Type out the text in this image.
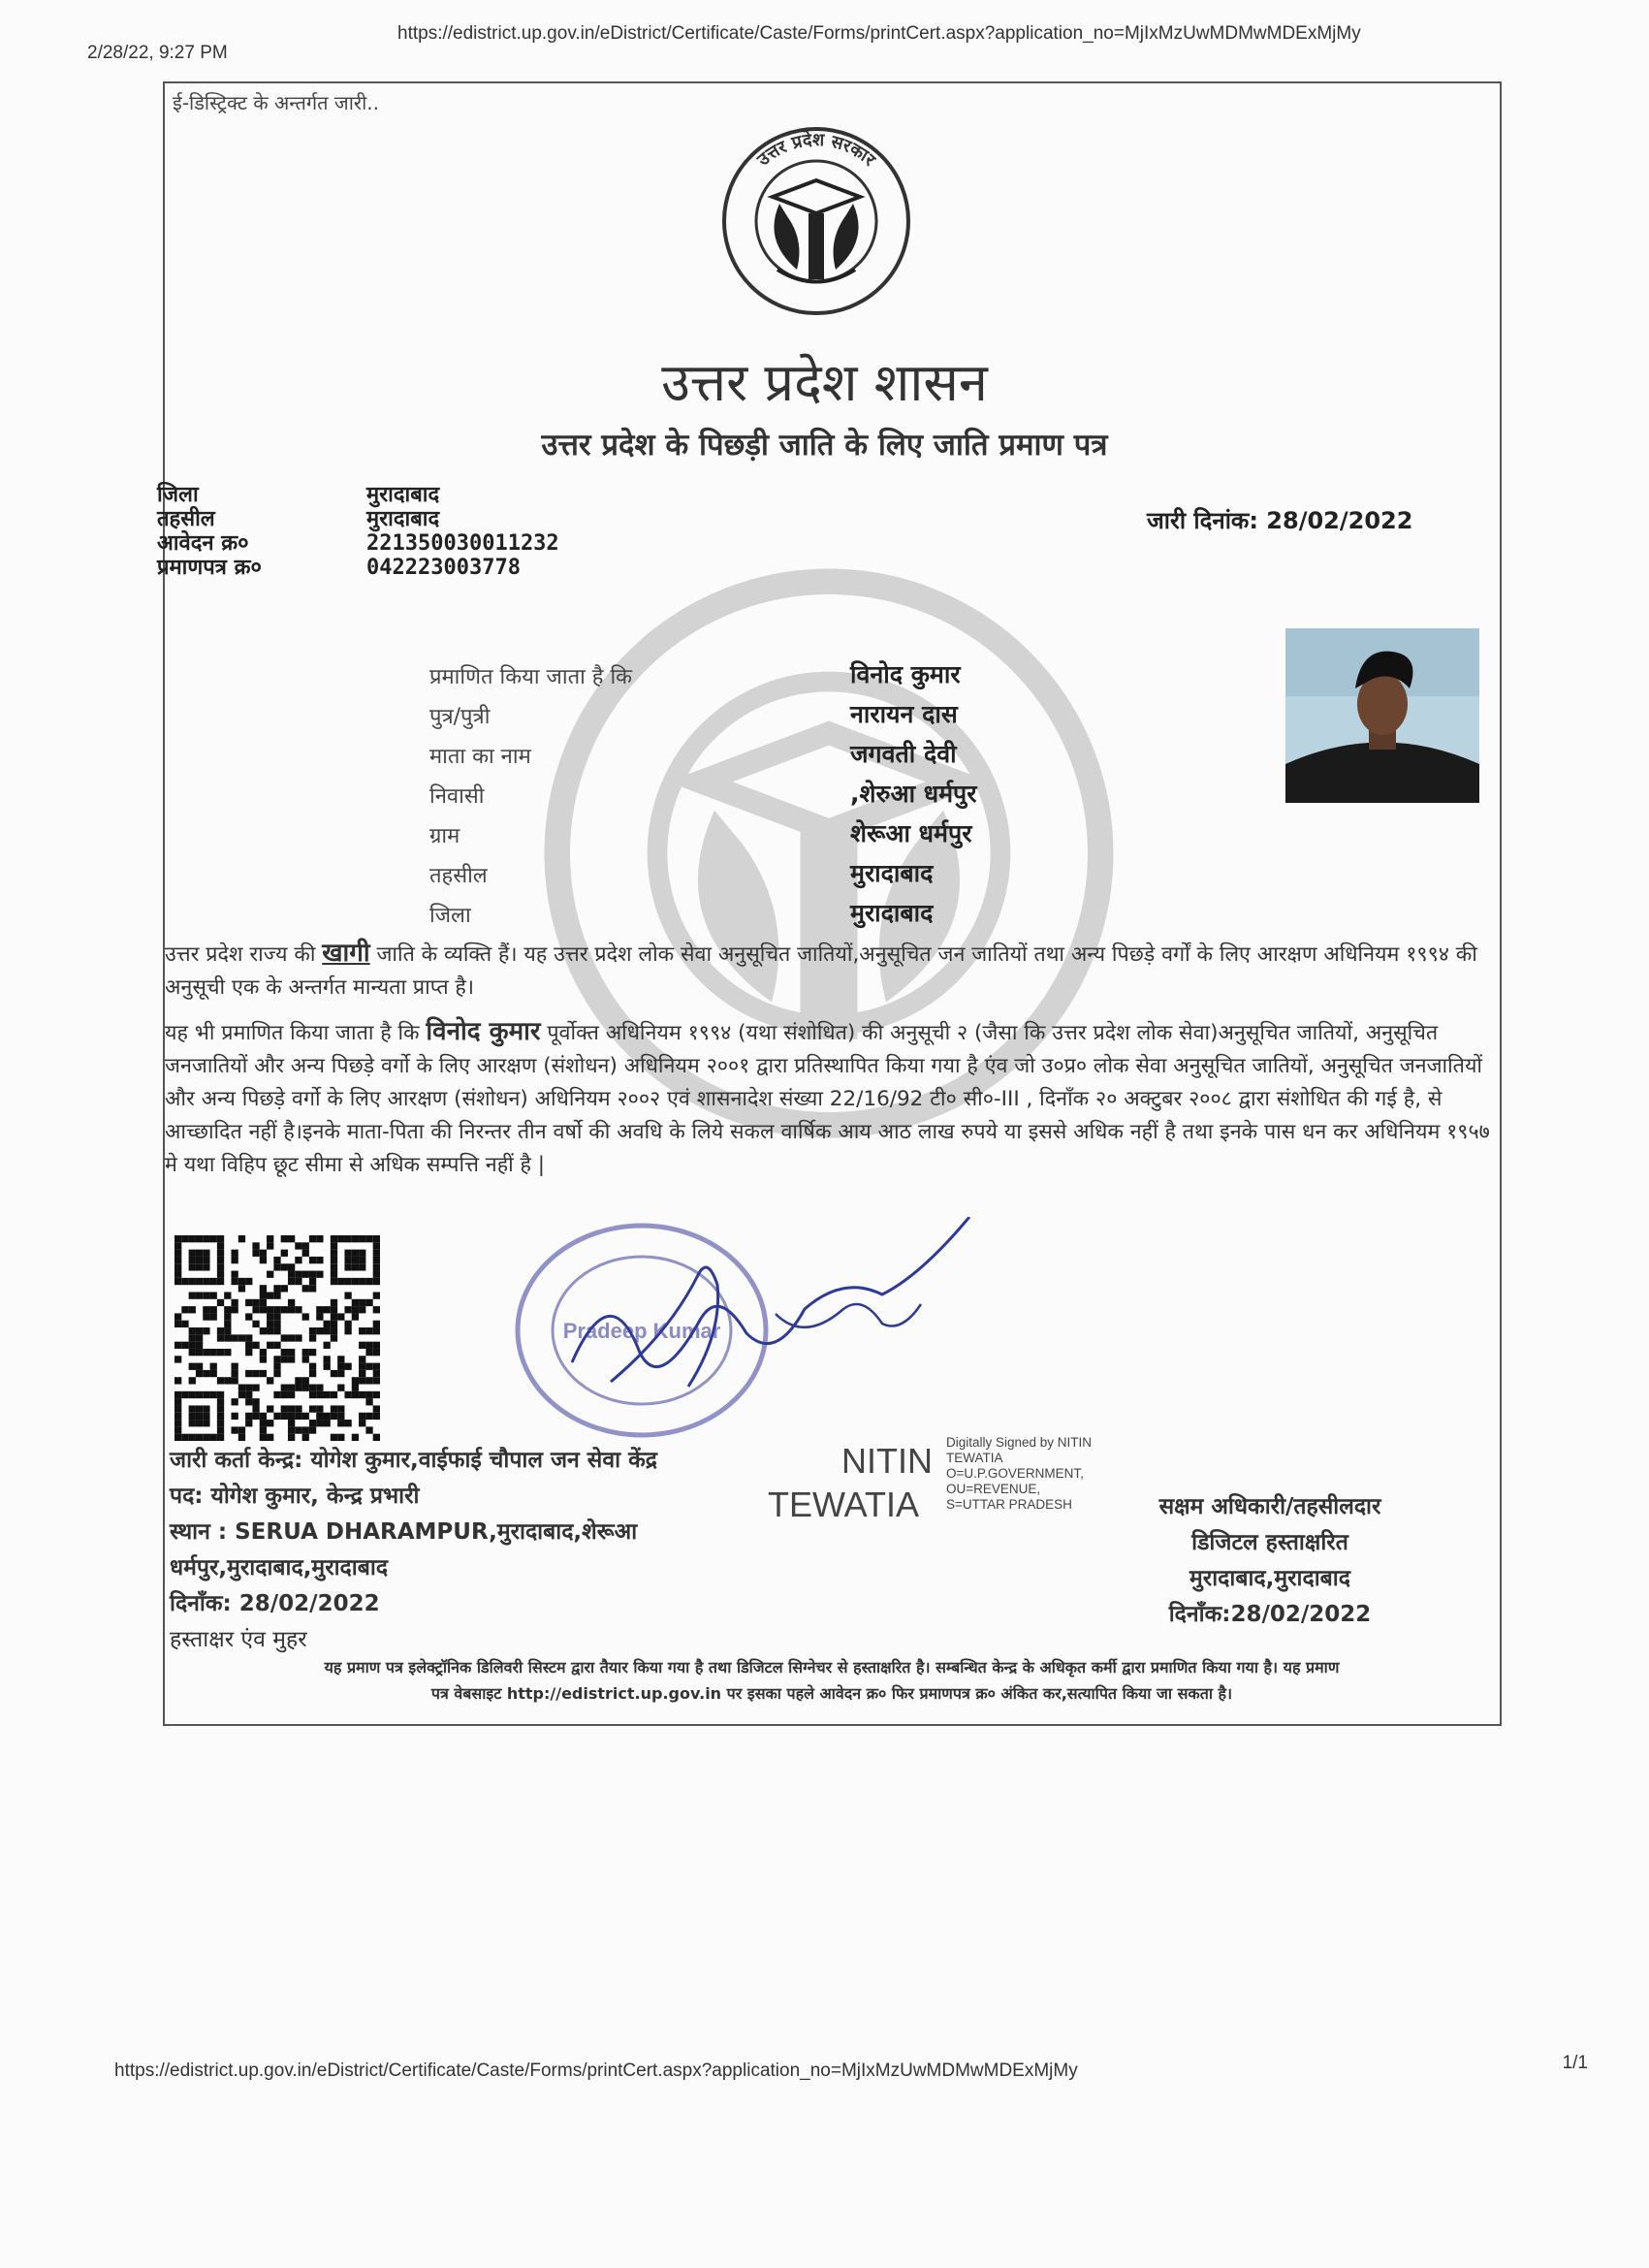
2/28/22, 9:27 PM
https://edistrict.up.gov.in/eDistrict/Certificate/Caste/Forms/printCert.aspx?application_no=MjIxMzUwMDMwMDExMjMy
ई-डिस्ट्रिक्ट के अन्तर्गत जारी..
उत्तर प्रदेश सरकार
उत्तर प्रदेश शासन
उत्तर प्रदेश के पिछड़ी जाति के लिए जाति प्रमाण पत्र
जिला	मुरादाबाद
तहसील	मुरादाबाद
आवेदन क्र०	221350030011232
प्रमाणपत्र क्र०	042223003778
जारी दिनांक: 28/02/2022
प्रमाणित किया जाता है कि	विनोद कुमार
पुत्र/पुत्री	नारायन दास
माता का नाम	जगवती देवी
निवासी	,शेरुआ धर्मपुर
ग्राम	शेरूआ धर्मपुर
तहसील	मुरादाबाद
जिला	मुरादाबाद
उत्तर प्रदेश राज्य की खागी जाति के व्यक्ति हैं। यह उत्तर प्रदेश लोक सेवा अनुसूचित जातियों,अनुसूचित जन जातियों तथा अन्य पिछड़े वर्गों के लिए आरक्षण अधिनियम १९९४ की अनुसूची एक के अन्तर्गत मान्यता प्राप्त है।
यह भी प्रमाणित किया जाता है कि विनोद कुमार पूर्वोक्त अधिनियम १९९४ (यथा संशोधित) की अनुसूची २ (जैसा कि उत्तर प्रदेश लोक सेवा)अनुसूचित जातियों, अनुसूचित जनजातियों और अन्य पिछड़े वर्गो के लिए आरक्षण (संशोधन) अधिनियम २००१ द्वारा प्रतिस्थापित किया गया है एंव जो उ०प्र० लोक सेवा अनुसूचित जातियों, अनुसूचित जनजातियों और अन्य पिछड़े वर्गो के लिए आरक्षण (संशोधन) अधिनियम २००२ एवं शासनादेश संख्या 22/16/92 टी० सी०-III , दिनाँक २० अक्टुबर २००८ द्वारा संशोधित की गई है, से आच्छादित नहीं है।इनके माता-पिता की निरन्तर तीन वर्षो की अवधि के लिये सकल वार्षिक आय आठ लाख रुपये या इससे अधिक नहीं है तथा इनके पास धन कर अधिनियम १९५७ मे यथा विहिप छूट सीमा से अधिक सम्पत्ति नहीं है |
Pradeep Kumar
जारी कर्ता केन्द्र: योगेश कुमार,वाईफाई चौपाल जन सेवा केंद्र
पद: योगेश कुमार, केन्द्र प्रभारी
स्थान : SERUA DHARAMPUR,मुरादाबाद,शेरूआ
धर्मपुर,मुरादाबाद,मुरादाबाद
दिनाँक: 28/02/2022
हस्ताक्षर एंव मुहर
NITIN
TEWATIA
Digitally Signed by NITIN
TEWATIA
O=U.P.GOVERNMENT,
OU=REVENUE,
S=UTTAR PRADESH	सक्षम अधिकारी/तहसीलदार
डिजिटल हस्ताक्षरित
मुरादाबाद,मुरादाबाद
दिनाँक:28/02/2022
यह प्रमाण पत्र इलेक्ट्रॉनिक डिलिवरी सिस्टम द्वारा तैयार किया गया है तथा डिजिटल सिग्नेचर से हस्ताक्षरित है। सम्बन्धित केन्द्र के अधिकृत कर्मी द्वारा प्रमाणित किया गया है। यह प्रमाण
पत्र वेबसाइट http://edistrict.up.gov.in पर इसका पहले आवेदन क्र० फिर प्रमाणपत्र क्र० अंकित कर,सत्यापित किया जा सकता है।
https://edistrict.up.gov.in/eDistrict/Certificate/Caste/Forms/printCert.aspx?application_no=MjIxMzUwMDMwMDExMjMy	1/1
